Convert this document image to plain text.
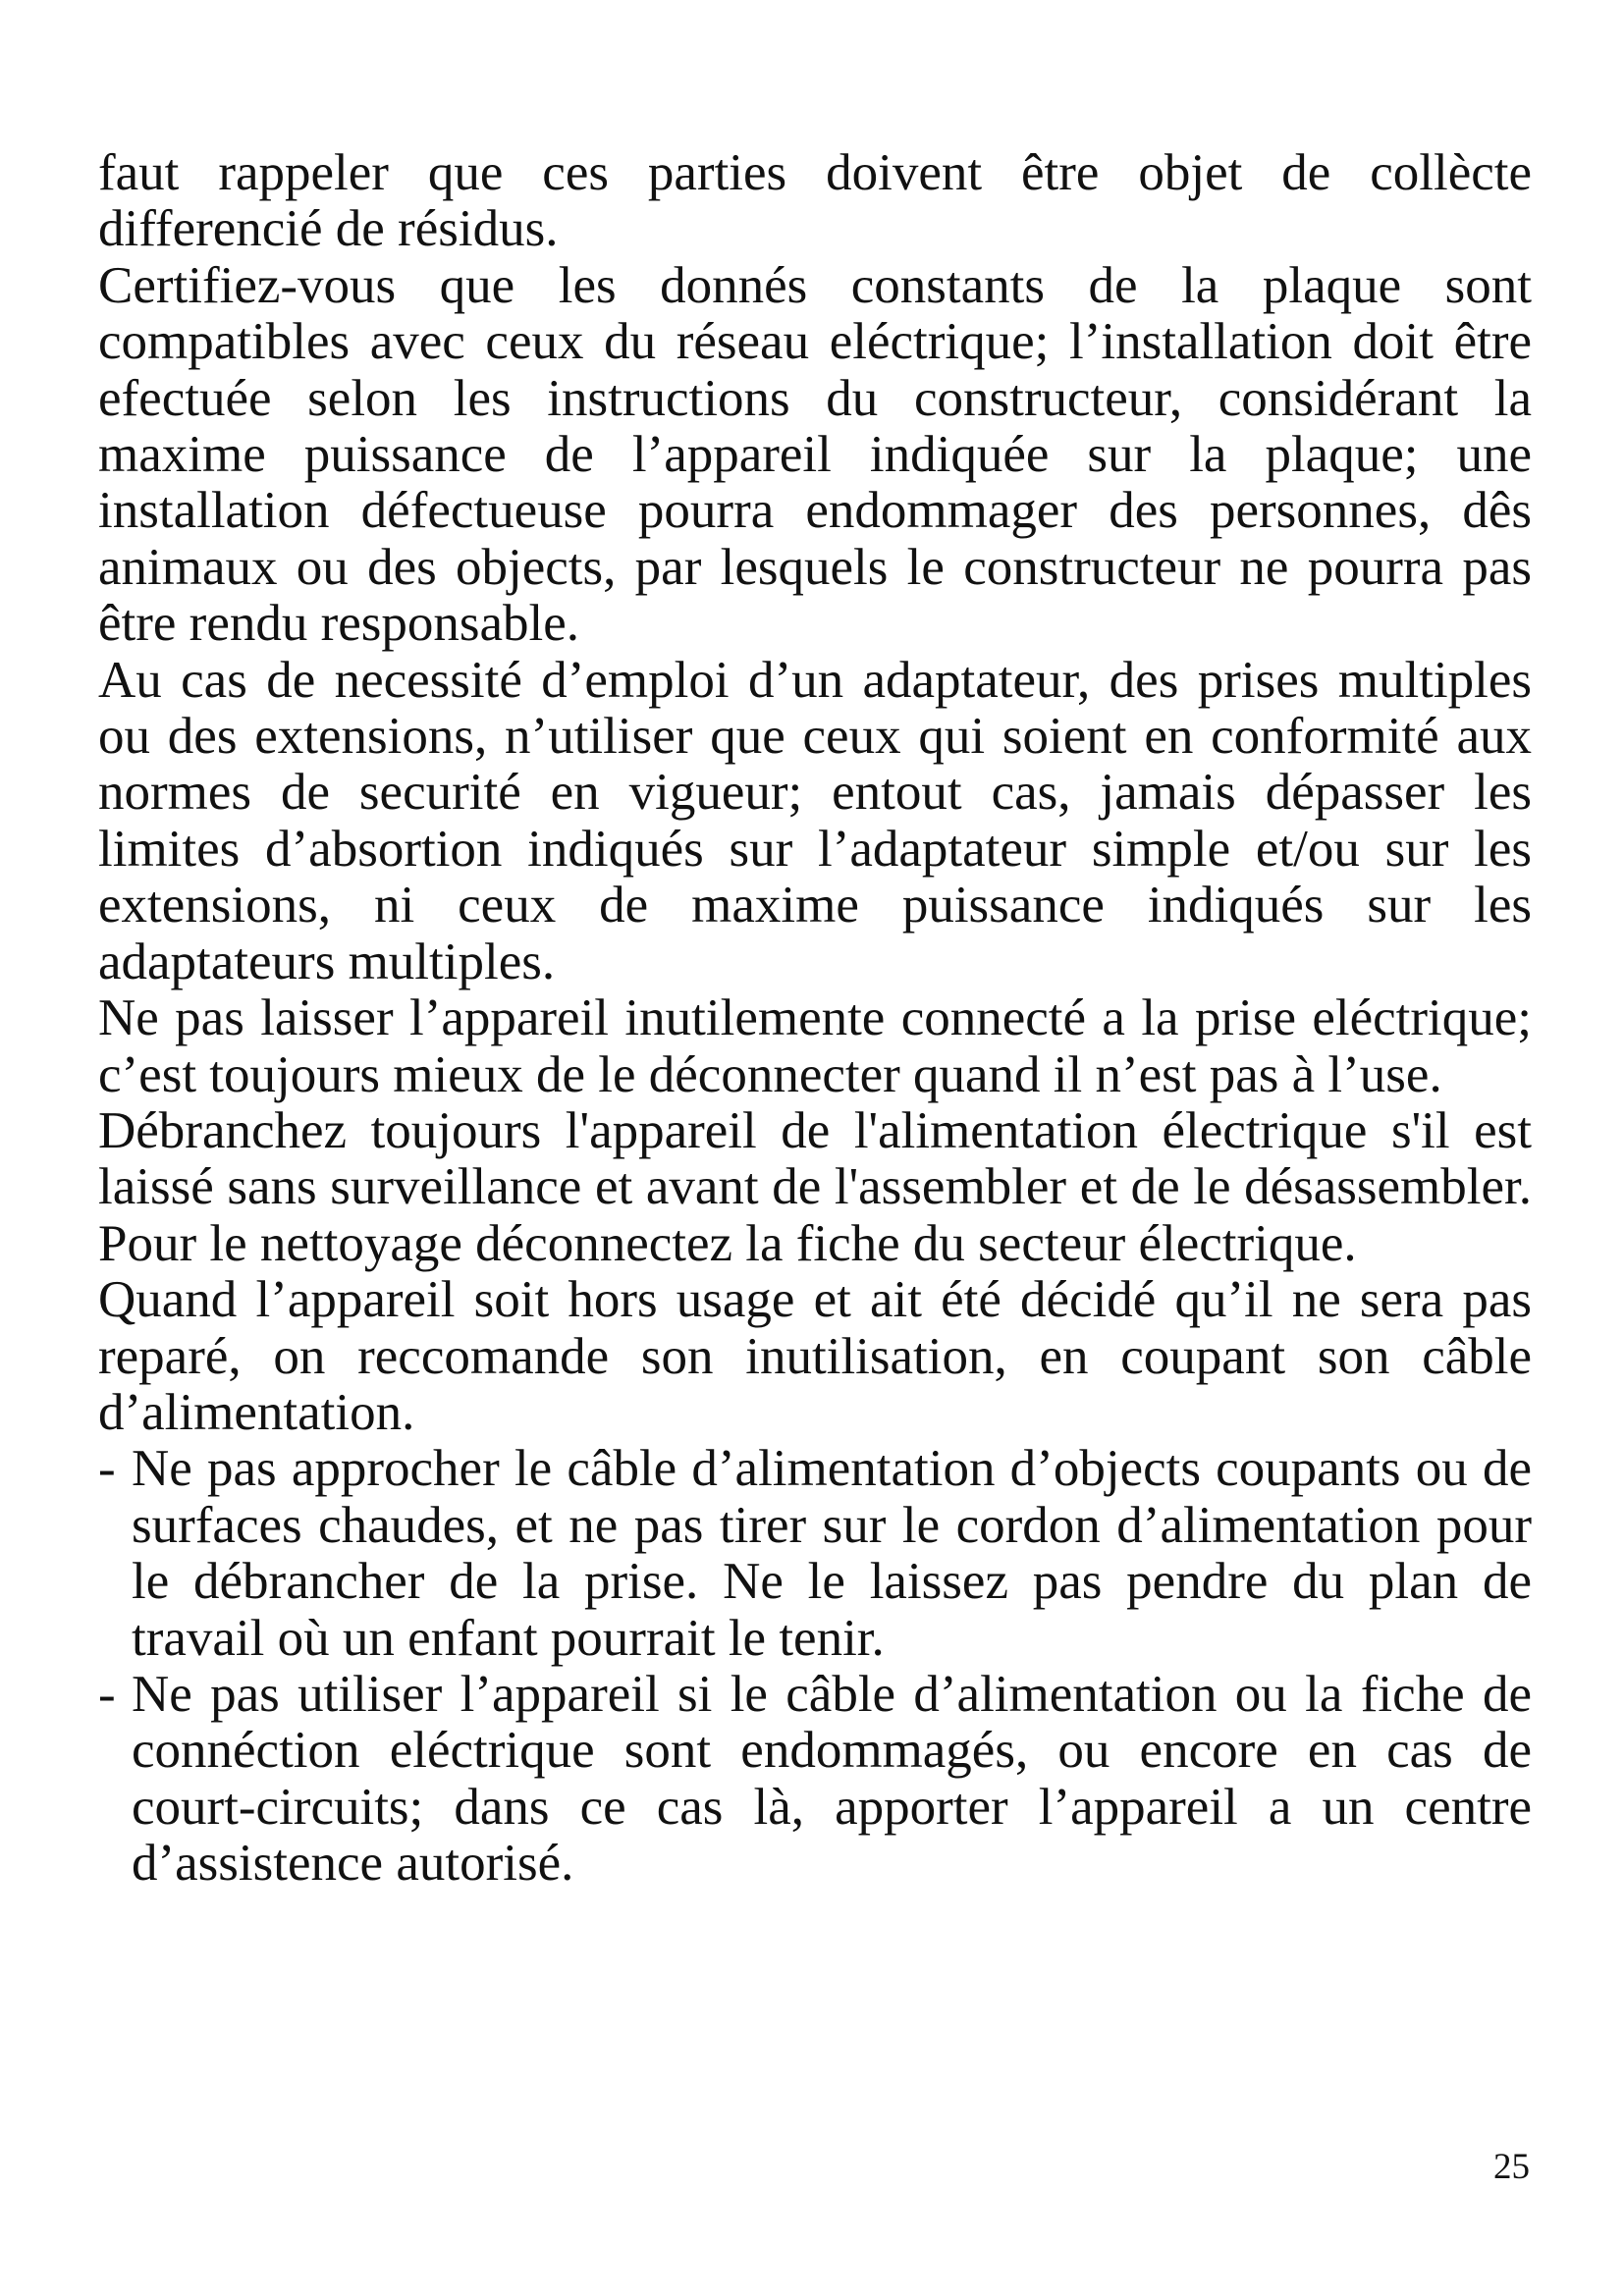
faut rappeler que ces parties doivent être objet de collècte differencié de résidus.

Certifiez-vous que les donnés constants de la plaque sont compatibles avec ceux du réseau eléctrique; l’installation doit être efectuée selon les instructions du constructeur, considérant la maxime puissance de l’appareil indiquée sur la plaque; une installation défectueuse pourra endommager des personnes, dês animaux ou des objects, par lesquels le constructeur ne pourra pas être rendu responsable.

Au cas de necessité d’emploi d’un adaptateur, des prises multiples ou des extensions, n’utiliser que ceux qui soient en conformité aux normes de securité en vigueur; entout cas, jamais dépasser les limites d’absortion indiqués sur l’adaptateur simple et/ou sur les extensions, ni ceux de maxime puissance indiqués sur les adaptateurs multiples.

Ne pas laisser l’appareil inutilemente connecté a la prise eléctrique; c’est toujours mieux de le déconnecter quand il n’est pas à l’use.

Débranchez toujours l'appareil de l'alimentation électrique s'il est laissé sans surveillance et avant de l'assembler et de le désassembler. Pour le nettoyage déconnectez la fiche du secteur électrique.

Quand l’appareil soit hors usage et ait été décidé qu’il ne sera pas reparé, on reccomande son inutilisation, en coupant son câble d’alimentation.

- Ne pas approcher le câble d’alimentation d’objects coupants ou de surfaces chaudes, et ne pas tirer sur le cordon d’alimentation pour le débrancher de la prise. Ne le laissez pas pendre du plan de travail où un enfant pourrait le tenir.
- Ne pas utiliser l’appareil si le câble d’alimentation ou la fiche de connéction eléctrique sont endommagés, ou encore en cas de court-circuits; dans ce cas là, apporter l’appareil a un centre d’assistence autorisé.
25
